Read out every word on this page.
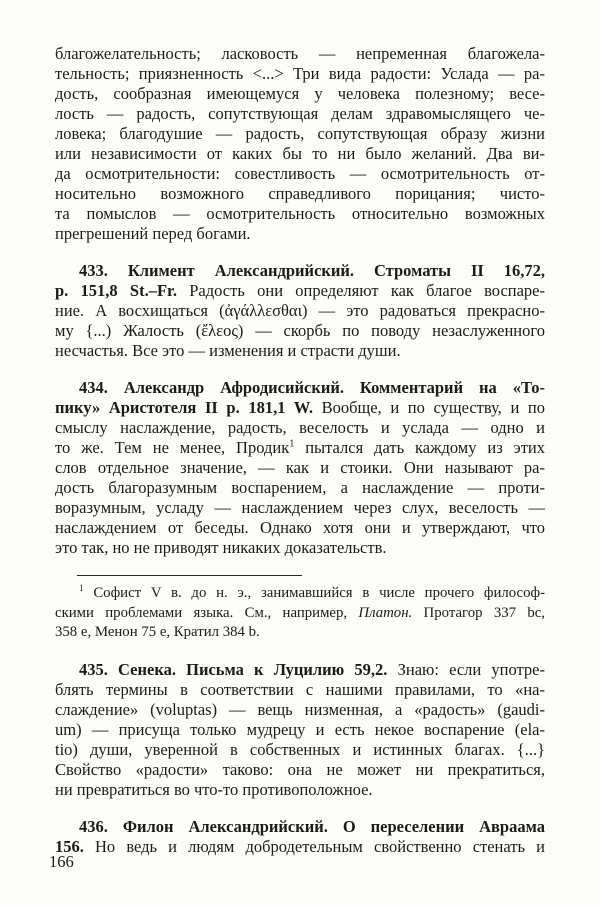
благожелательность; ласковость — непременная благожела-
тельность; приязненность <...> Три вида радости: Услада — ра-
дость, сообразная имеющемуся у человека полезному; весе-
лость — радость, сопутствующая делам здравомыслящего че-
ловека; благодушие — радость, сопутствующая образу жизни
или независимости от каких бы то ни было желаний. Два ви-
да осмотрительности: совестливость — осмотрительность от-
носительно возможного справедливого порицания; чисто-
та помыслов — осмотрительность относительно возможных
прегрешений перед богами.
433. Климент Александрийский. Строматы II 16,72,
р. 151,8 St.–Fr. Радость они определяют как благое воспаре-
ние. А восхищаться (ἀγάλλεσθαι) — это радоваться прекрасно-
му {...) Жалость (ἔλεος) — скорбь по поводу незаслуженного
несчастья. Все это — изменения и страсти души.
434. Александр Афродисийский. Комментарий на «То-
пику» Аристотеля II p. 181,1 W. Вообще, и по существу, и по
смыслу наслаждение, радость, веселость и услада — одно и
то же. Тем не менее, Продик$^1$ пытался дать каждому из этих
слов отдельное значение, — как и стоики. Они называют ра-
дость благоразумным воспарением, а наслаждение — проти-
воразумным, усладу — наслаждением через слух, веселость —
наслаждением от беседы. Однако хотя они и утверждают, что
это так, но не приводят никаких доказательств.
$^1$ Софист V в. до н. э., занимавшийся в числе прочего философ-
скими проблемами языка. См., например, Платон. Протагор 337 bc,
358 e, Менон 75 e, Кратил 384 b.
435. Сенека. Письма к Луцилию 59,2. Знаю: если употре-
блять термины в соответствии с нашими правилами, то «на-
слаждение» (voluptas) — вещь низменная, а «радость» (gaudi-
um) — присуща только мудрецу и есть некое воспарение (ela-
tio) души, уверенной в собственных и истинных благах. {...}
Свойство «радости» таково: она не может ни прекратиться,
ни превратиться во что-то противоположное.
436. Филон Александрийский. О переселении Авраама
156. Но ведь и людям добродетельным свойственно стенать и
166
